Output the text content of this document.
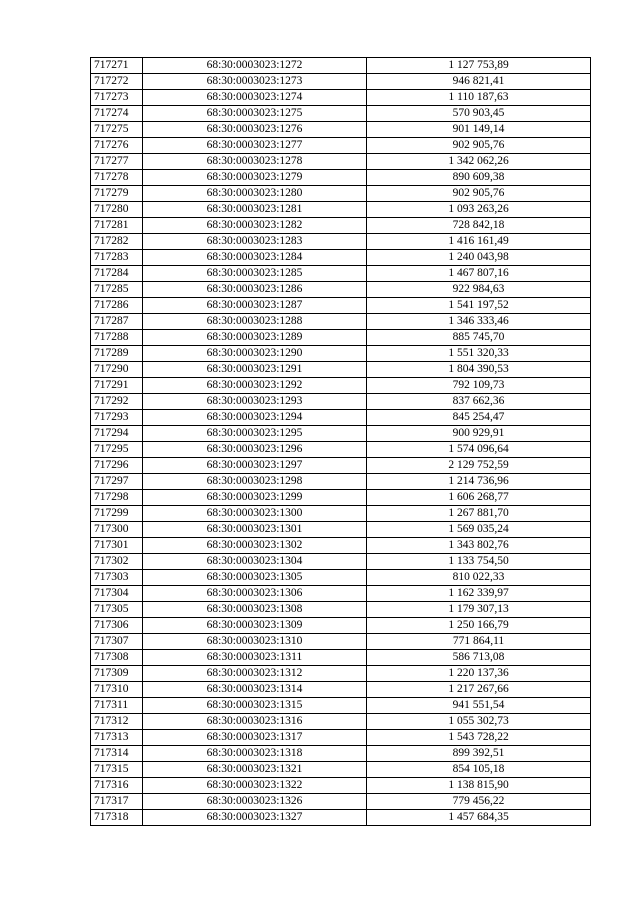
717271	68:30:0003023:1272	1 127 753,89
717272	68:30:0003023:1273	946 821,41
717273	68:30:0003023:1274	1 110 187,63
717274	68:30:0003023:1275	570 903,45
717275	68:30:0003023:1276	901 149,14
717276	68:30:0003023:1277	902 905,76
717277	68:30:0003023:1278	1 342 062,26
717278	68:30:0003023:1279	890 609,38
717279	68:30:0003023:1280	902 905,76
717280	68:30:0003023:1281	1 093 263,26
717281	68:30:0003023:1282	728 842,18
717282	68:30:0003023:1283	1 416 161,49
717283	68:30:0003023:1284	1 240 043,98
717284	68:30:0003023:1285	1 467 807,16
717285	68:30:0003023:1286	922 984,63
717286	68:30:0003023:1287	1 541 197,52
717287	68:30:0003023:1288	1 346 333,46
717288	68:30:0003023:1289	885 745,70
717289	68:30:0003023:1290	1 551 320,33
717290	68:30:0003023:1291	1 804 390,53
717291	68:30:0003023:1292	792 109,73
717292	68:30:0003023:1293	837 662,36
717293	68:30:0003023:1294	845 254,47
717294	68:30:0003023:1295	900 929,91
717295	68:30:0003023:1296	1 574 096,64
717296	68:30:0003023:1297	2 129 752,59
717297	68:30:0003023:1298	1 214 736,96
717298	68:30:0003023:1299	1 606 268,77
717299	68:30:0003023:1300	1 267 881,70
717300	68:30:0003023:1301	1 569 035,24
717301	68:30:0003023:1302	1 343 802,76
717302	68:30:0003023:1304	1 133 754,50
717303	68:30:0003023:1305	810 022,33
717304	68:30:0003023:1306	1 162 339,97
717305	68:30:0003023:1308	1 179 307,13
717306	68:30:0003023:1309	1 250 166,79
717307	68:30:0003023:1310	771 864,11
717308	68:30:0003023:1311	586 713,08
717309	68:30:0003023:1312	1 220 137,36
717310	68:30:0003023:1314	1 217 267,66
717311	68:30:0003023:1315	941 551,54
717312	68:30:0003023:1316	1 055 302,73
717313	68:30:0003023:1317	1 543 728,22
717314	68:30:0003023:1318	899 392,51
717315	68:30:0003023:1321	854 105,18
717316	68:30:0003023:1322	1 138 815,90
717317	68:30:0003023:1326	779 456,22
717318	68:30:0003023:1327	1 457 684,35
